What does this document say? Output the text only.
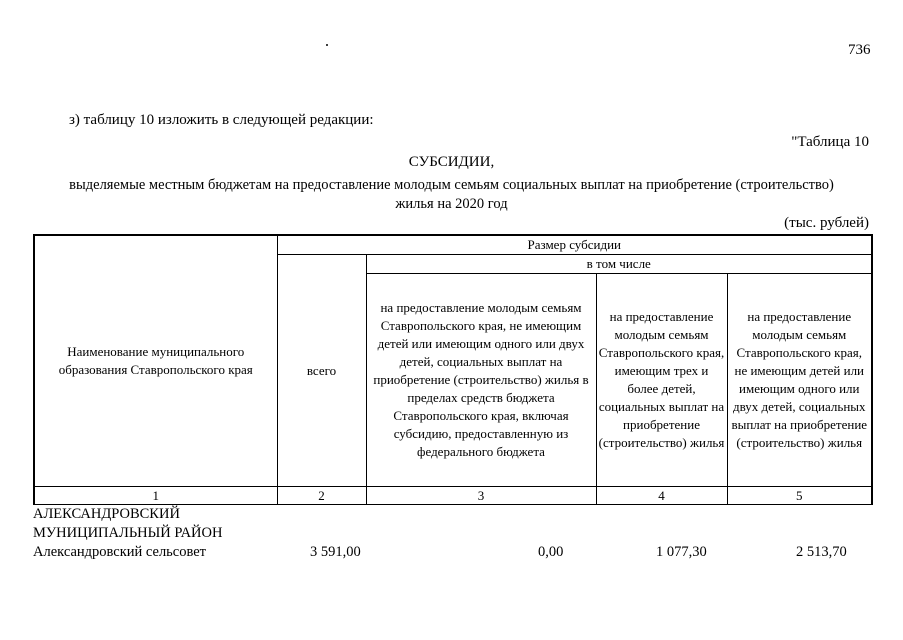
736
з) таблицу 10 изложить в следующей редакции:
"Таблица 10
СУБСИДИИ,
выделяемые местным бюджетам на предоставление молодым семьям социальных выплат на приобретение (строительство)
жилья на 2020 год
(тыс. рублей)
Наименование муниципального образования Ставропольского края	Размер субсидии			
	всего	в том числе		
		на предоставление молодым семьям Ставропольского края, не имеющим детей или имеющим одного или двух детей, социальных выплат на приобретение (строительство) жилья в пределах средств бюджета Ставропольского края, включая субсидию, предоставленную из федерального бюджета	на предоставление молодым семьям Ставропольского края, имеющим трех и более детей, социальных выплат на приобретение (строительство) жилья	на предоставление молодым семьям Ставропольского края, не имеющим детей или имеющим одного или двух детей, социальных выплат на приобретение (строительство) жилья
1	2	3	4	5
АЛЕКСАНДРОВСКИЙ
МУНИЦИПАЛЬНЫЙ РАЙОН
Александровский сельсовет	3 591,00	0,00	1 077,30	2 513,70
